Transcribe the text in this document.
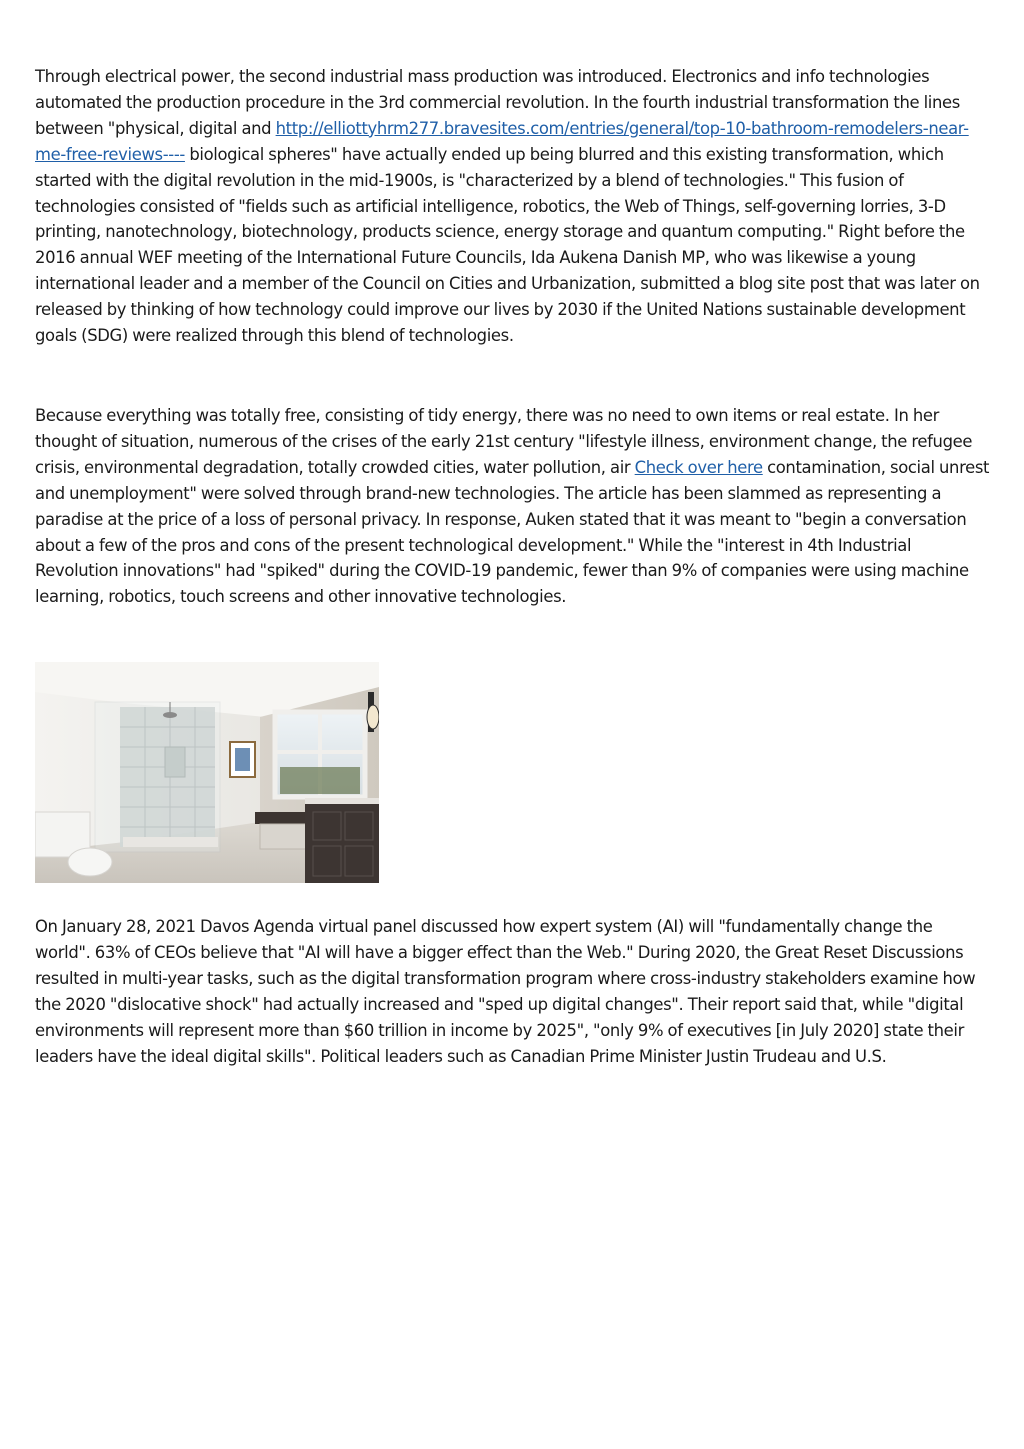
Through electrical power, the second industrial mass production was introduced. Electronics and info technologies automated the production procedure in the 3rd commercial revolution. In the fourth industrial transformation the lines between "physical, digital and http://elliottyhrm277.bravesites.com/entries/general/top-10-bathroom-remodelers-near-me-free-reviews---- biological spheres" have actually ended up being blurred and this existing transformation, which started with the digital revolution in the mid-1900s, is "characterized by a blend of technologies." This fusion of technologies consisted of "fields such as artificial intelligence, robotics, the Web of Things, self-governing lorries, 3-D printing, nanotechnology, biotechnology, products science, energy storage and quantum computing." Right before the 2016 annual WEF meeting of the International Future Councils, Ida Aukena Danish MP, who was likewise a young international leader and a member of the Council on Cities and Urbanization, submitted a blog site post that was later on released by thinking of how technology could improve our lives by 2030 if the United Nations sustainable development goals (SDG) were realized through this blend of technologies.

Because everything was totally free, consisting of tidy energy, there was no need to own items or real estate. In her thought of situation, numerous of the crises of the early 21st century "lifestyle illness, environment change, the refugee crisis, environmental degradation, totally crowded cities, water pollution, air Check over here contamination, social unrest and unemployment" were solved through brand-new technologies. The article has been slammed as representing a paradise at the price of a loss of personal privacy. In response, Auken stated that it was meant to "begin a conversation about a few of the pros and cons of the present technological development." While the "interest in 4th Industrial Revolution innovations" had "spiked" during the COVID-19 pandemic, fewer than 9% of companies were using machine learning, robotics, touch screens and other innovative technologies.

On January 28, 2021 Davos Agenda virtual panel discussed how expert system (AI) will "fundamentally change the world". 63% of CEOs believe that "AI will have a bigger effect than the Web." During 2020, the Great Reset Discussions resulted in multi-year tasks, such as the digital transformation program where cross-industry stakeholders examine how the 2020 "dislocative shock" had actually increased and "sped up digital changes". Their report said that, while "digital environments will represent more than $60 trillion in income by 2025", "only 9% of executives [in July 2020] state their leaders have the ideal digital skills". Political leaders such as Canadian Prime Minister Justin Trudeau and U.S.
